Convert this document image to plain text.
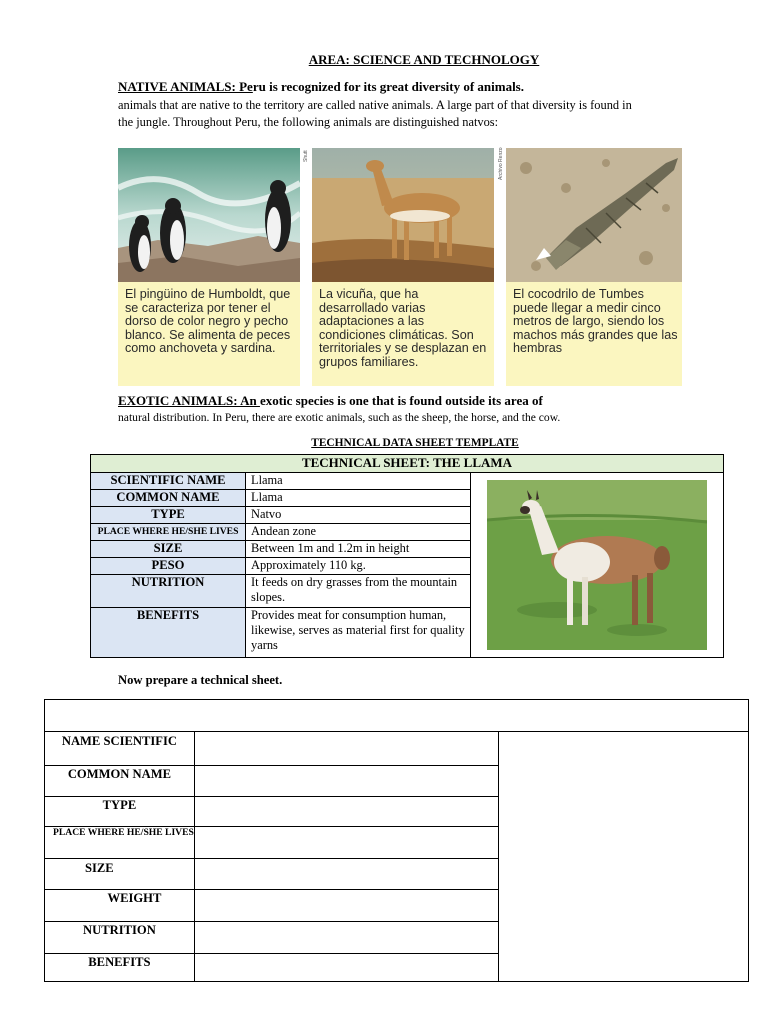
AREA: SCIENCE AND TECHNOLOGY
NATIVE ANIMALS: Peru is recognized for its great diversity of animals.
animals that are native to the territory are called native animals. A large part of that diversity is found in the jungle. Throughout Peru, the following animals are distinguished natvos:
Shutt
El pingüino de Humboldt, que se caracteriza por tener el dorso de color negro y pecho blanco. Se alimenta de peces como anchoveta y sardina.
La vicuña, que ha desarrollado varias adaptaciones a las condiciones climáticas. Son territoriales y se desplazan en grupos familiares.
Archivo Renzo
El cocodrilo de Tumbes puede llegar a medir cinco metros de largo, siendo los machos más grandes que las hembras
EXOTIC ANIMALS: An exotic species is one that is found outside its area of
natural distribution. In Peru, there are exotic animals, such as the sheep, the horse, and the cow.
TECHNICAL DATA SHEET TEMPLATE
TECHNICAL SHEET: THE LLAMA		
SCIENTIFIC NAME	Llama	

COMMON NAME	Llama	
TYPE	Natvo	
PLACE WHERE HE/SHE LIVES	Andean zone	
SIZE	Between 1m and 1.2m in height	
PESO	Approximately 110 kg.	
NUTRITION	It feeds on dry grasses from the mountain slopes.	
BENEFITS	Provides meat for consumption human, likewise, serves as material first for quality yarns	
Now prepare a technical sheet.

NAME SCIENTIFIC		
COMMON NAME		
TYPE		
PLACE WHERE HE/SHE LIVES		
SIZE		
WEIGHT		
NUTRITION		
BENEFITS		
